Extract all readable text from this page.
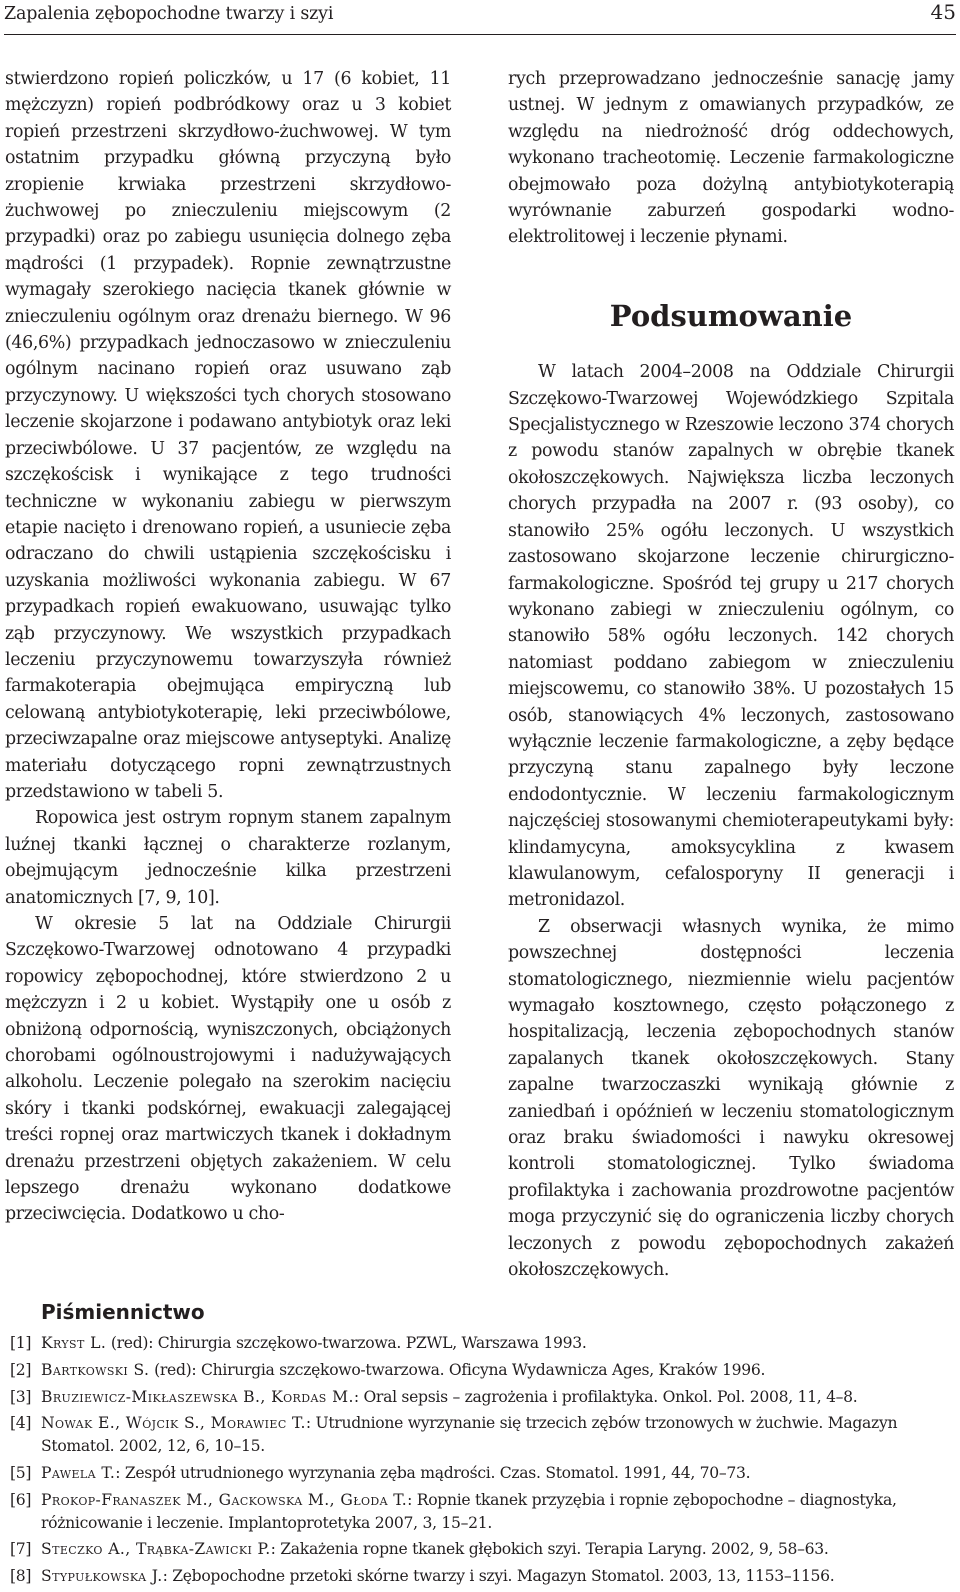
Zapalenia zębopochodne twarzy i szyi	45

stwierdzono ropień policzków, u 17 (6 kobiet, 11 mężczyzn) ropień podbródkowy oraz u 3 kobiet ropień przestrzeni skrzydłowo-żuchwowej. W tym ostatnim przypadku główną przyczyną było zropienie krwiaka przestrzeni skrzydłowo-żuchwowej po znieczuleniu miejscowym (2 przypadki) oraz po zabiegu usunięcia dolnego zęba mądrości (1 przypadek). Ropnie zewnątrzustne wymagały szerokiego nacięcia tkanek głównie w znieczuleniu ogólnym oraz drenażu biernego. W 96 (46,6%) przypadkach jednoczasowo w znieczuleniu ogólnym nacinano ropień oraz usuwano ząb przyczynowy. U większości tych chorych stosowano leczenie skojarzone i podawano antybiotyk oraz leki przeciwbólowe. U 37 pacjentów, ze względu na szczękościsk i wynikające z tego trudności techniczne w wykonaniu zabiegu w pierwszym etapie nacięto i drenowano ropień, a usuniecie zęba odraczano do chwili ustąpienia szczękościsku i uzyskania możliwości wykonania zabiegu. W 67 przypadkach ropień ewakuowano, usuwając tylko ząb przyczynowy. We wszystkich przypadkach leczeniu przyczynowemu towarzyszyła również farmakoterapia obejmująca empiryczną lub celowaną antybiotykoterapię, leki przeciwbólowe, przeciwzapalne oraz miejscowe antyseptyki. Analizę materiału dotyczącego ropni zewnątrzustnych przedstawiono w tabeli 5.

Ropowica jest ostrym ropnym stanem zapalnym luźnej tkanki łącznej o charakterze rozlanym, obejmującym jednocześnie kilka przestrzeni anatomicznych [7, 9, 10].

W okresie 5 lat na Oddziale Chirurgii Szczękowo-Twarzowej odnotowano 4 przypadki ropowicy zębopochodnej, które stwierdzono 2 u mężczyzn i 2 u kobiet. Wystąpiły one u osób z obniżoną odpornością, wyniszczonych, obciążonych chorobami ogólnoustrojowymi i nadużywających alkoholu. Leczenie polegało na szerokim nacięciu skóry i tkanki podskórnej, ewakuacji zalegającej treści ropnej oraz martwiczych tkanek i dokładnym drenażu przestrzeni objętych zakażeniem. W celu lepszego drenażu wykonano dodatkowe przeciwcięcia. Dodatkowo u cho-

rych przeprowadzano jednocześnie sanację jamy ustnej. W jednym z omawianych przypadków, ze względu na niedrożność dróg oddechowych, wykonano tracheotomię. Leczenie farmakologiczne obejmowało poza dożylną antybiotykoterapią wyrównanie zaburzeń gospodarki wodno-elektrolitowej i leczenie płynami.

Podsumowanie

W latach 2004–2008 na Oddziale Chirurgii Szczękowo-Twarzowej Wojewódzkiego Szpitala Specjalistycznego w Rzeszowie leczono 374 chorych z powodu stanów zapalnych w obrębie tkanek okołoszczękowych. Największa liczba leczonych chorych przypadła na 2007 r. (93 osoby), co stanowiło 25% ogółu leczonych. U wszystkich zastosowano skojarzone leczenie chirurgiczno-farmakologiczne. Spośród tej grupy u 217 chorych wykonano zabiegi w znieczuleniu ogólnym, co stanowiło 58% ogółu leczonych. 142 chorych natomiast poddano zabiegom w znieczuleniu miejscowemu, co stanowiło 38%. U pozostałych 15 osób, stanowiących 4% leczonych, zastosowano wyłącznie leczenie farmakologiczne, a zęby będące przyczyną stanu zapalnego były leczone endodontycznie. W leczeniu farmakologicznym najczęściej stosowanymi chemioterapeutykami były: klindamycyna, amoksycyklina z kwasem klawulanowym, cefalosporyny II generacji i metronidazol.

Z obserwacji własnych wynika, że mimo powszechnej dostępności leczenia stomatologicznego, niezmiennie wielu pacjentów wymagało kosztownego, często połączonego z hospitalizacją, leczenia zębopochodnych stanów zapalanych tkanek okołoszczękowych. Stany zapalne twarzoczaszki wynikają głównie z zaniedbań i opóźnień w leczeniu stomatologicznym oraz braku świadomości i nawyku okresowej kontroli stomatologicznej. Tylko świadoma profilaktyka i zachowania prozdrowotne pacjentów moga przyczynić się do ograniczenia liczby chorych leczonych z powodu zębopochodnych zakażeń okołoszczękowych.

Piśmiennictwo
[1] Kryst L. (red): Chirurgia szczękowo-twarzowa. PZWL, Warszawa 1993.
[2] Bartkowski S. (red): Chirurgia szczękowo-twarzowa. Oficyna Wydawnicza Ages, Kraków 1996.
[3] Bruziewicz-Mikłaszewska B., Kordas M.: Oral sepsis – zagrożenia i profilaktyka. Onkol. Pol. 2008, 11, 4–8.
[4] Nowak E., Wójcik S., Morawiec T.: Utrudnione wyrzynanie się trzecich zębów trzonowych w żuchwie. Magazyn Stomatol. 2002, 12, 6, 10–15.
[5] Pawela T.: Zespół utrudnionego wyrzynania zęba mądrości. Czas. Stomatol. 1991, 44, 70–73.
[6] Prokop-Franaszek M., Gackowska M., Głoda T.: Ropnie tkanek przyzębia i ropnie zębopochodne – diagnostyka, różnicowanie i leczenie. Implantoprotetyka 2007, 3, 15–21.
[7] Steczko A., Trąbka-Zawicki P.: Zakażenia ropne tkanek głębokich szyi. Terapia Laryng. 2002, 9, 58–63.
[8] Stypułkowska J.: Zębopochodne przetoki skórne twarzy i szyi. Magazyn Stomatol. 2003, 13, 1153–1156.
